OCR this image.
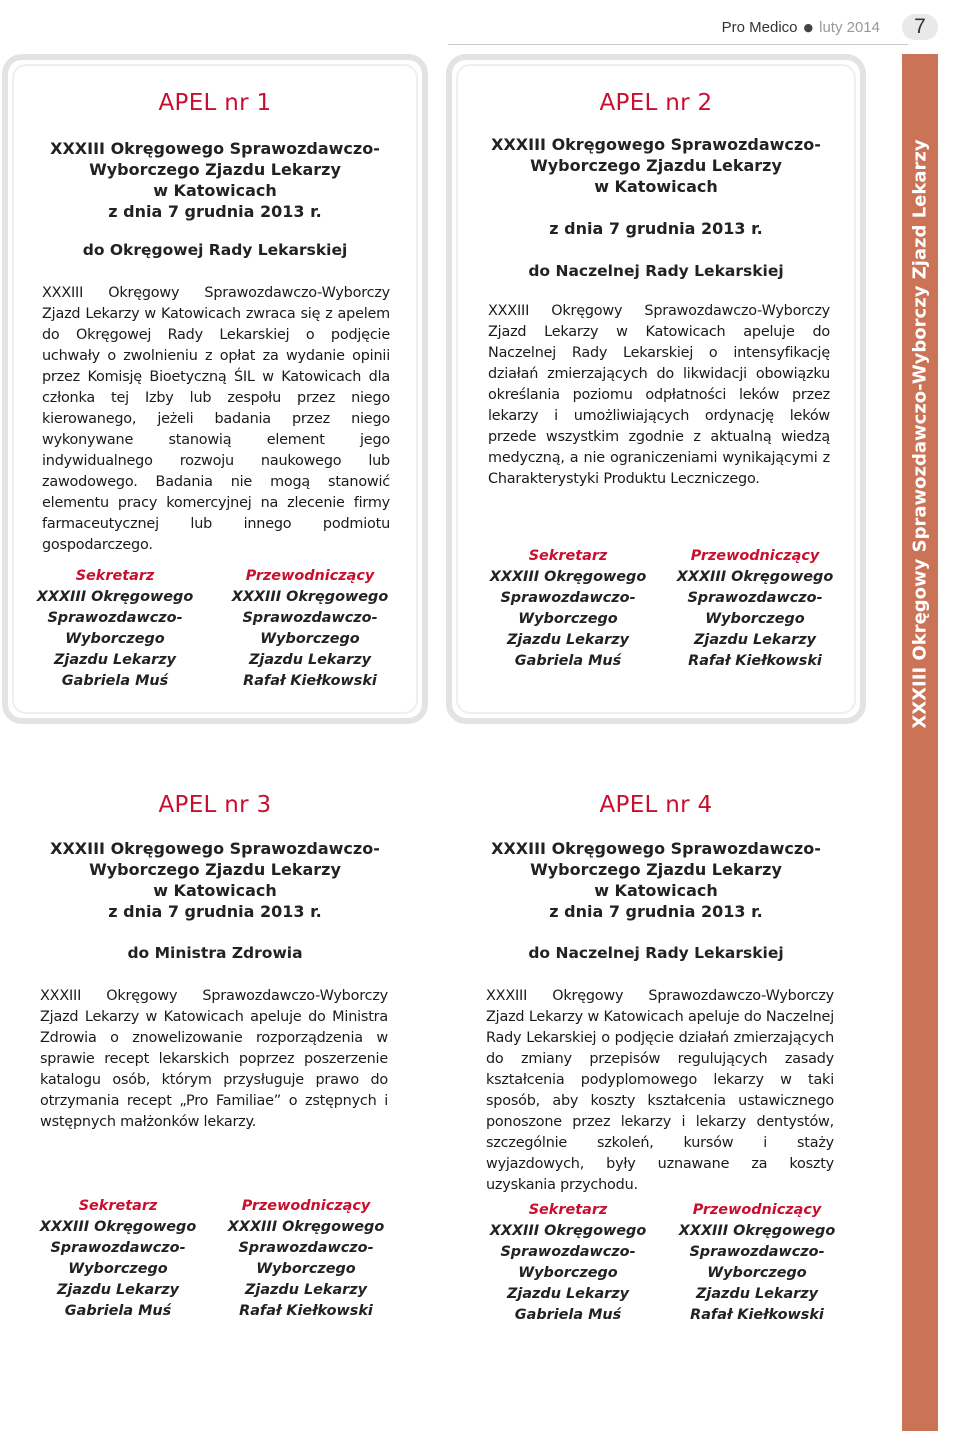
Pro Medico ● luty 2014	7
XXXIII Okręgowy Sprawozdawczo-Wyborczy Zjazd Lekarzy
APEL nr 1
XXXIII Okręgowego Sprawozdawczo-
Wyborczego Zjazdu Lekarzy
w Katowicach
z dnia 7 grudnia 2013 r.
do Okręgowej Rady Lekarskiej
XXXIII Okręgowy Sprawozdawczo-Wyborczy Zjazd Lekarzy w Katowicach zwraca się z apelem do Okręgowej Rady Lekarskiej o podjęcie uchwały o zwolnieniu z opłat za wydanie opinii przez Komisję Bioetyczną ŚIL w Katowicach dla członka tej Izby lub zespołu przez niego kierowanego, jeżeli badania przez niego wykonywane stanowią element jego indywidualnego rozwoju naukowego lub zawodowego. Badania nie mogą stanowić elementu pracy komercyjnej na zlecenie firmy farmaceutycznej lub innego podmiotu gospodarczego.
Sekretarz
XXXIII Okręgowego
Sprawozdawczo-
Wyborczego
Zjazdu Lekarzy
Gabriela Muś
Przewodniczący
XXXIII Okręgowego
Sprawozdawczo-
Wyborczego
Zjazdu Lekarzy
Rafał Kiełkowski
APEL nr 2
XXXIII Okręgowego Sprawozdawczo-
Wyborczego Zjazdu Lekarzy
w Katowicach
z dnia 7 grudnia 2013 r.
do Naczelnej Rady Lekarskiej
XXXIII Okręgowy Sprawozdawczo-Wyborczy Zjazd Lekarzy w Katowicach apeluje do Naczelnej Rady Lekarskiej o intensyfikację działań zmierzających do likwidacji obowiązku określania poziomu odpłatności leków przez lekarzy i umożliwiających ordynację leków przede wszystkim zgodnie z aktualną wiedzą medyczną, a nie ograniczeniami wynikającymi z Charakterystyki Produktu Leczniczego.
Sekretarz
XXXIII Okręgowego
Sprawozdawczo-
Wyborczego
Zjazdu Lekarzy
Gabriela Muś
Przewodniczący
XXXIII Okręgowego
Sprawozdawczo-
Wyborczego
Zjazdu Lekarzy
Rafał Kiełkowski
APEL nr 3
XXXIII Okręgowego Sprawozdawczo-
Wyborczego Zjazdu Lekarzy
w Katowicach
z dnia 7 grudnia 2013 r.
do Ministra Zdrowia
XXXIII Okręgowy Sprawozdawczo-Wyborczy Zjazd Lekarzy w Katowicach apeluje do Ministra Zdrowia o znowelizowanie rozporządzenia w sprawie recept lekarskich poprzez poszerzenie katalogu osób, którym przysługuje prawo do otrzymania recept „Pro Familiae” o zstępnych i wstępnych małżonków lekarzy.
Sekretarz
XXXIII Okręgowego
Sprawozdawczo-
Wyborczego
Zjazdu Lekarzy
Gabriela Muś
Przewodniczący
XXXIII Okręgowego
Sprawozdawczo-
Wyborczego
Zjazdu Lekarzy
Rafał Kiełkowski
APEL nr 4
XXXIII Okręgowego Sprawozdawczo-
Wyborczego Zjazdu Lekarzy
w Katowicach
z dnia 7 grudnia 2013 r.
do Naczelnej Rady Lekarskiej
XXXIII Okręgowy Sprawozdawczo-Wyborczy Zjazd Lekarzy w Katowicach apeluje do Naczelnej Rady Lekarskiej o podjęcie działań zmierzających do zmiany przepisów regulujących zasady kształcenia podyplomowego lekarzy w taki sposób, aby koszty kształcenia ustawicznego ponoszone przez lekarzy i lekarzy dentystów, szczególnie szkoleń, kursów i staży wyjazdowych, były uznawane za koszty uzyskania przychodu.
Sekretarz
XXXIII Okręgowego
Sprawozdawczo-
Wyborczego
Zjazdu Lekarzy
Gabriela Muś
Przewodniczący
XXXIII Okręgowego
Sprawozdawczo-
Wyborczego
Zjazdu Lekarzy
Rafał Kiełkowski
